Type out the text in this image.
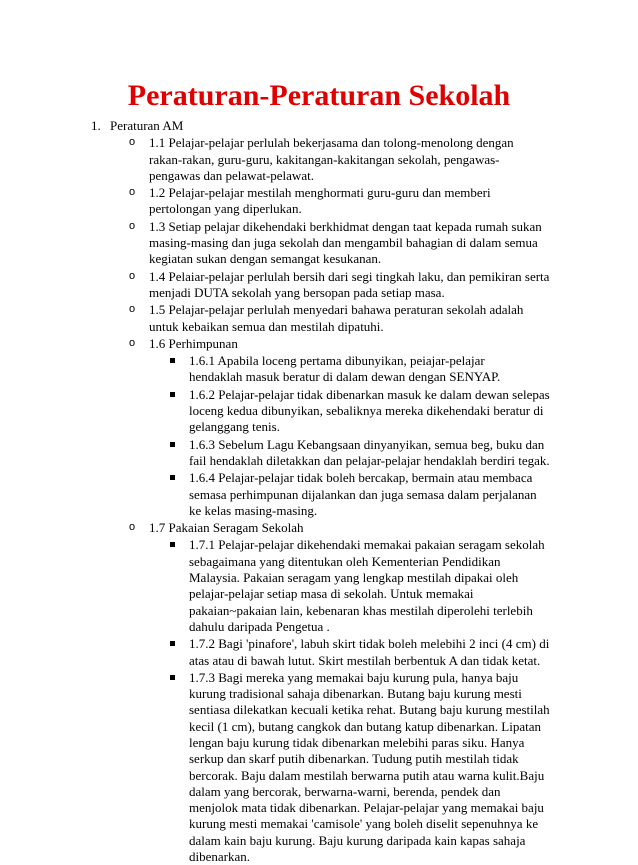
Peraturan-Peraturan Sekolah
1. Peraturan AM
o 1.1 Pelajar-pelajar perlulah bekerjasama dan tolong-menolong dengan rakan-rakan, guru-guru, kakitangan-kakitangan sekolah, pengawas-pengawas dan pelawat-pelawat.
o 1.2 Pelajar-pelajar mestilah menghormati guru-guru dan memberi pertolongan yang diperlukan.
o 1.3 Setiap pelajar dikehendaki berkhidmat dengan taat kepada rumah sukan masing-masing dan juga sekolah dan mengambil bahagian di dalam semua kegiatan sukan dengan semangat kesukanan.
o 1.4 Pelaiar-pelajar perlulah bersih dari segi tingkah laku, dan pemikiran serta menjadi DUTA sekolah yang bersopan pada setiap masa.
o 1.5 Pelajar-pelajar perlulah menyedari bahawa peraturan sekolah adalah untuk kebaikan semua dan mestilah dipatuhi.
o 1.6 Perhimpunan
1.6.1 Apabila loceng pertama dibunyikan, peiajar-pelajar hendaklah masuk beratur di dalam dewan dengan SENYAP.
1.6.2 Pelajar-pelajar tidak dibenarkan masuk ke dalam dewan selepas loceng kedua dibunyikan, sebaliknya mereka dikehendaki beratur di gelanggang tenis.
1.6.3 Sebelum Lagu Kebangsaan dinyanyikan, semua beg, buku dan fail hendaklah diletakkan dan pelajar-pelajar hendaklah berdiri tegak.
1.6.4 Pelajar-pelajar tidak boleh bercakap, bermain atau membaca semasa perhimpunan dijalankan dan juga semasa dalam perjalanan ke kelas masing-masing.
o 1.7 Pakaian Seragam Sekolah
1.7.1 Pelajar-pelajar dikehendaki memakai pakaian seragam sekolah sebagaimana yang ditentukan oleh Kementerian Pendidikan Malaysia. Pakaian seragam yang lengkap mestilah dipakai oleh pelajar-pelajar setiap masa di sekolah. Untuk memakai pakaian~pakaian lain, kebenaran khas mestilah diperolehi terlebih dahulu daripada Pengetua .
1.7.2 Bagi 'pinafore', labuh skirt tidak boleh melebihi 2 inci (4 cm) di atas atau di bawah lutut. Skirt mestilah berbentuk A dan tidak ketat.
1.7.3 Bagi mereka yang memakai baju kurung pula, hanya baju kurung tradisional sahaja dibenarkan. Butang baju kurung mesti sentiasa dilekatkan kecuali ketika rehat. Butang baju kurung mestilah kecil (1 cm), butang cangkok dan butang katup dibenarkan. Lipatan lengan baju kurung tidak dibenarkan melebihi paras siku. Hanya serkup dan skarf putih dibenarkan. Tudung putih mestilah tidak bercorak. Baju dalam mestilah berwarna putih atau warna kulit.Baju dalam yang bercorak, berwarna-warni, berenda, pendek dan menjolok mata tidak dibenarkan. Pelajar-pelajar yang memakai baju kurung mesti memakai 'camisole' yang boleh diselit sepenuhnya ke dalam kain baju kurung. Baju kurung daripada kain kapas sahaja dibenarkan.
